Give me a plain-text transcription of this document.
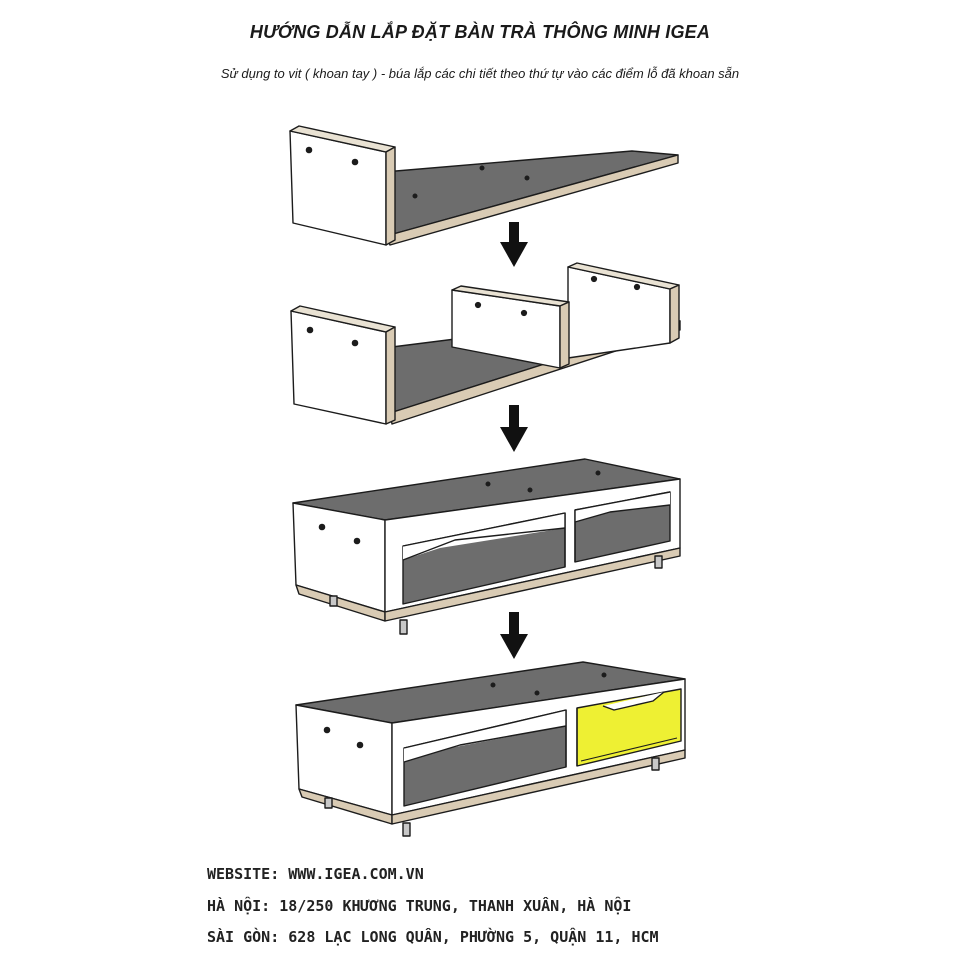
HƯỚNG DẪN LẮP ĐẶT BÀN TRÀ THÔNG MINH IGEA
Sử dụng to vit ( khoan tay ) - búa lắp các chi tiết theo thứ tự vào các điểm lỗ đã khoan sẵn
WEBSITE: WWW.IGEA.COM.VN
HÀ NỘI: 18/250 KHƯƠNG TRUNG, THANH XUÂN, HÀ NỘI
SÀI GÒN: 628 LẠC LONG QUÂN, PHƯỜNG 5, QUẬN 11, HCM
